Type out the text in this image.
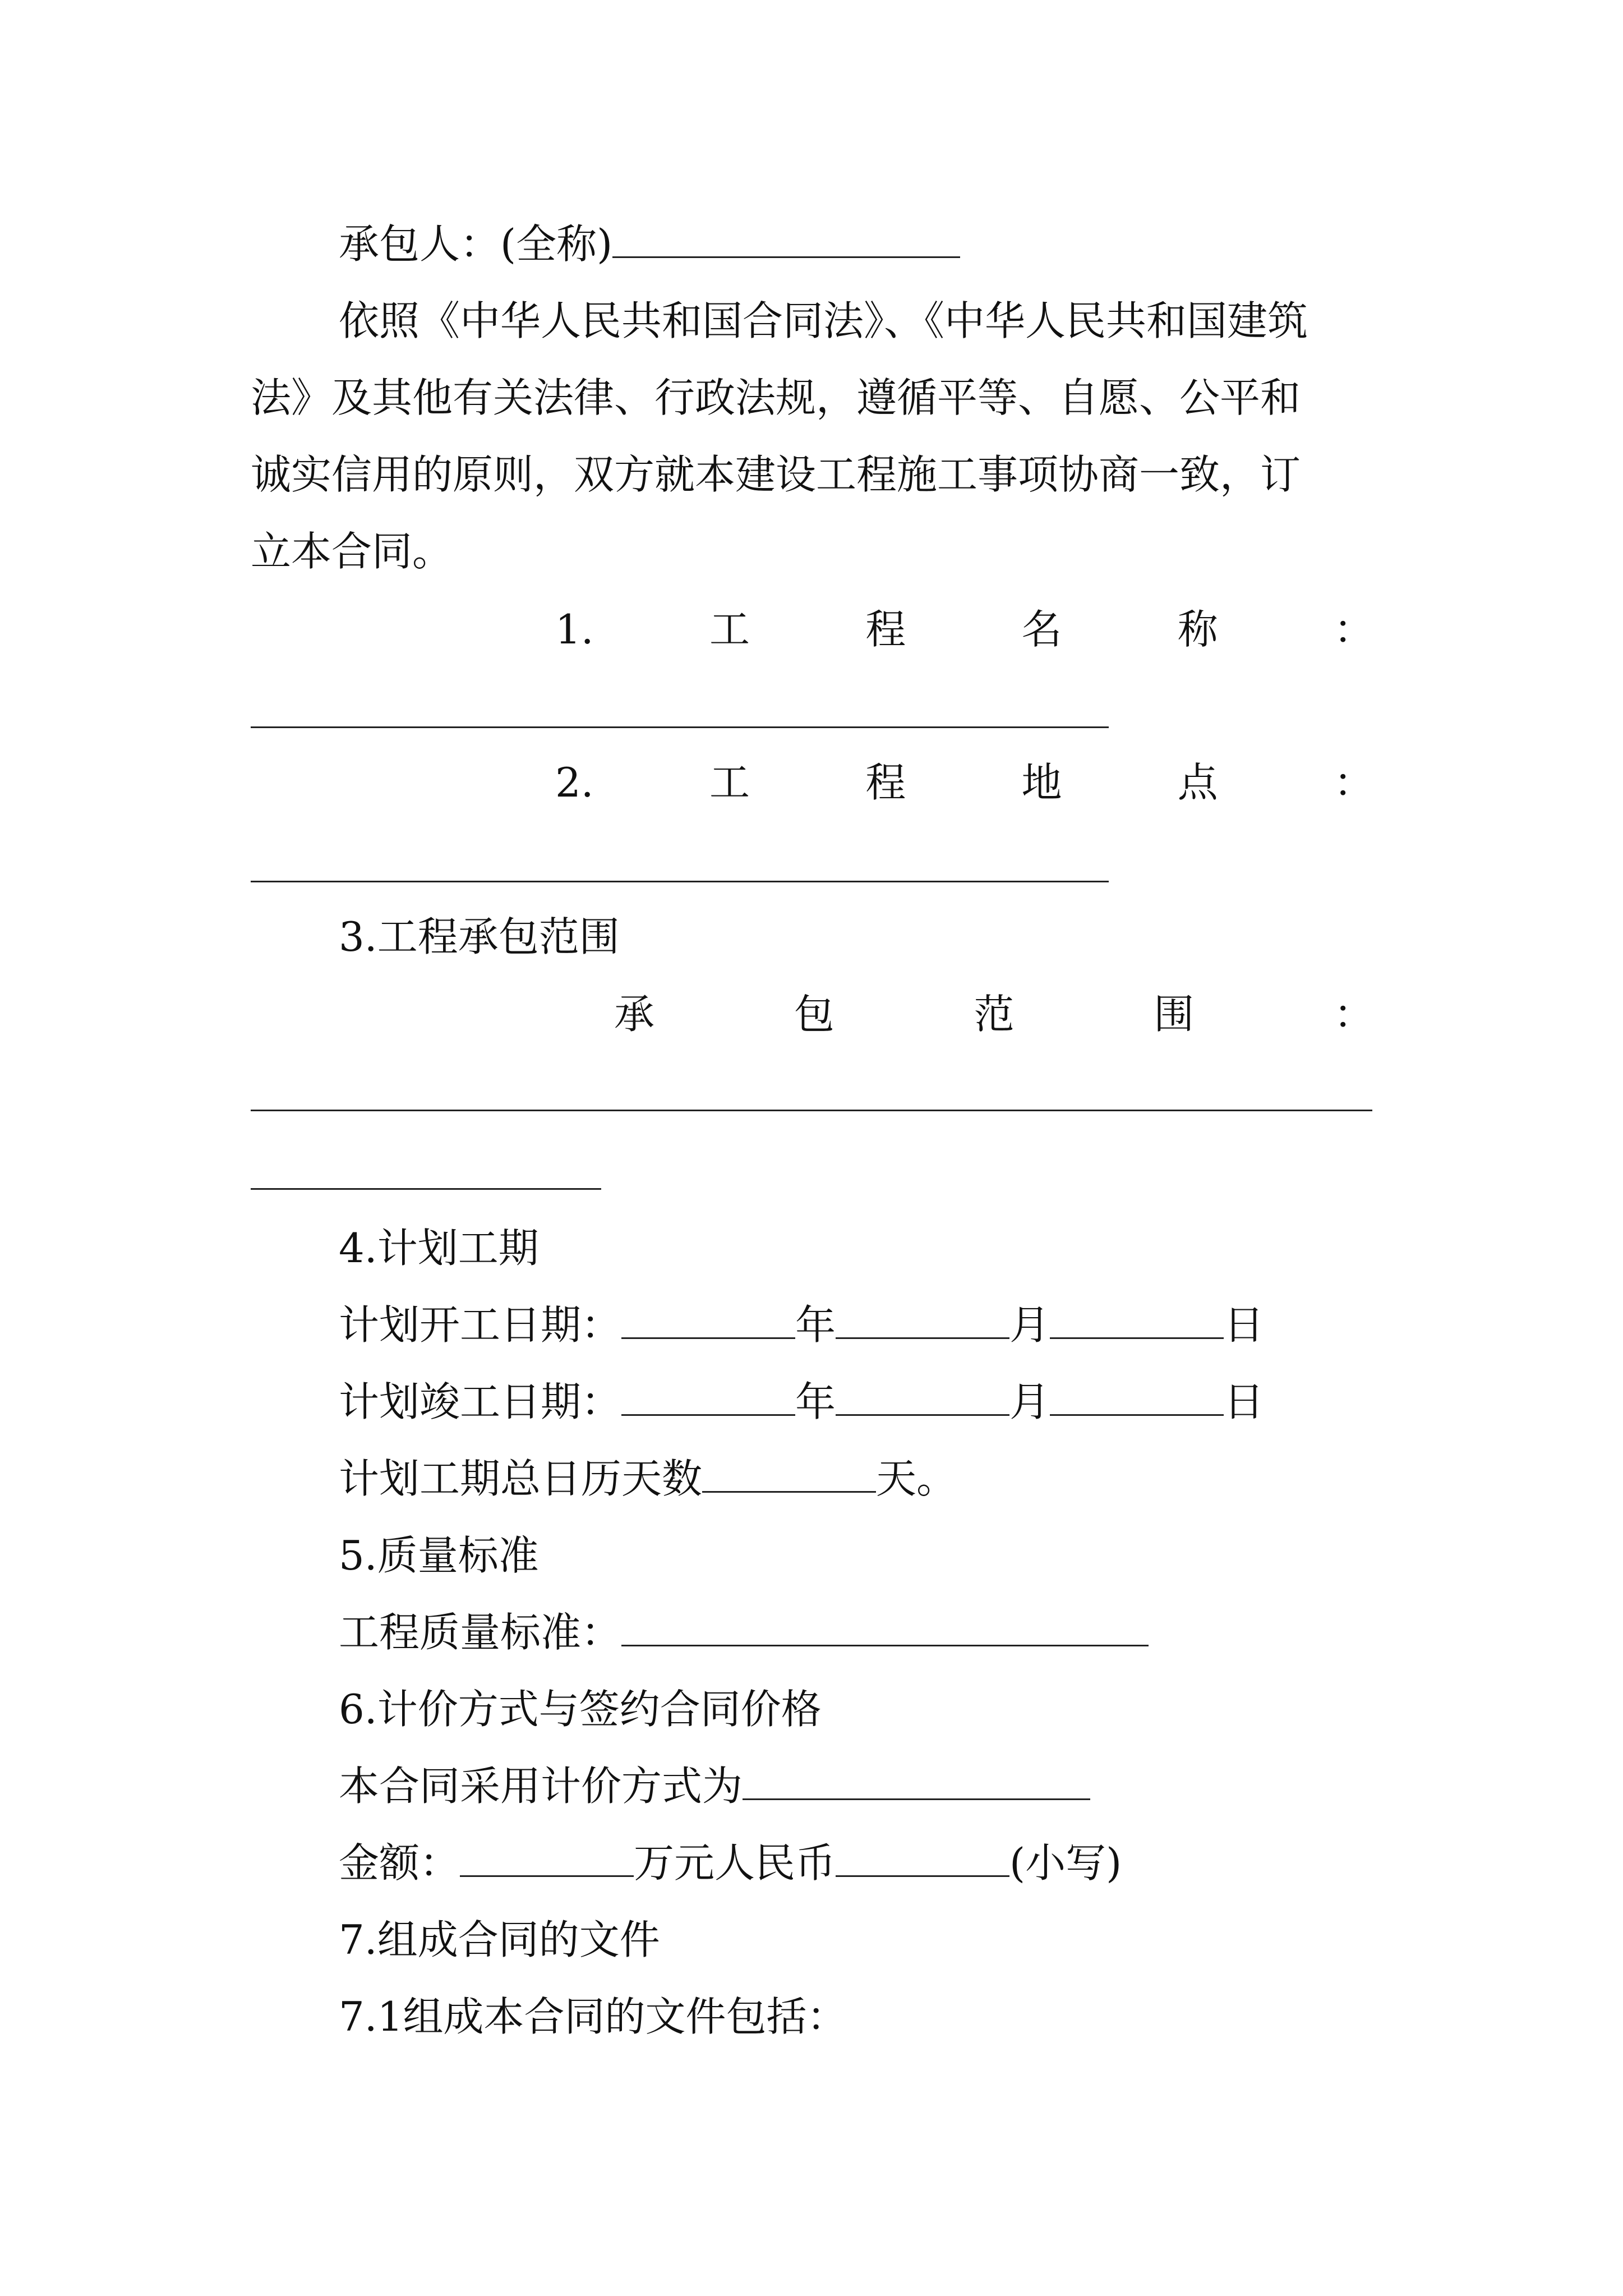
承包人：(全称)
依照《中华人民共和国合同法》、《中华人民共和国建筑
法》及其他有关法律、行政法规，遵循平等、自愿、公平和
诚实信用的原则，双方就本建设工程施工事项协商一致，订
立本合同。
1.	工	程	名	称	：
2.	工	程	地	点	：
3.工程承包范围
承	包	范	围	：
4.计划工期
计划开工日期：	年	月	日
计划竣工日期：	年	月	日
计划工期总日历天数	天。
5.质量标准
工程质量标准：
6.计价方式与签约合同价格
本合同采用计价方式为
金额：	万元人民币	(小写)
7.组成合同的文件
7.1组成本合同的文件包括：
